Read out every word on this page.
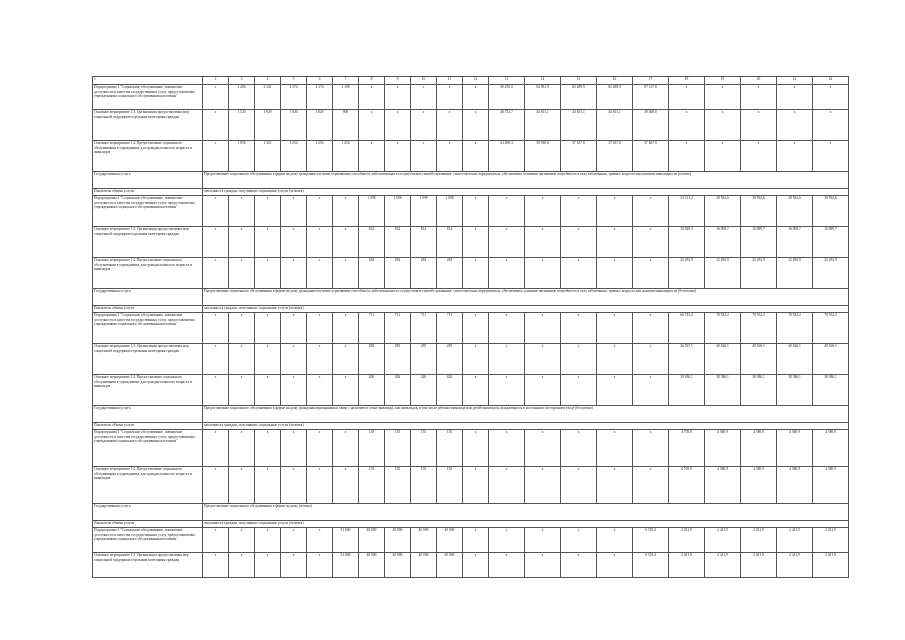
1	2	3	4	5	6	7	8	9	10	11	12	13	14	15	16	17	18	19	20	21	22
Подпрограмма 3 "Социальное обслуживание, повышение доступности и качества государственных услуг, предоставляемых учреждениями социального обслуживания населения"	х	2 204	2 341	2 374	2 374	2 108	х	х	х	х	х	90 250,0	84 581,9	82 289,9	82 289,9	87 127,8	х	х	х	х	х
Основное мероприятие 1.3. Организация предоставления мер социальной поддержки отдельным категориям граждан	х	1 520	1 020	1 020	1 020	900	х	х	х	х	х	46 753,7	44 651,1	44 651,1	44 651,1	49 460,0	х	х	х	х	х
Основное мероприятие 1.4. Предоставление социального обслуживания в учреждениях для граждан пожилого возраста и инвалидов	х	1 858	1 321	1 254	1 254	1 254	х	х	х	х	х	43 496,3	39 930,8	37 637,8	37 637,8	37 667,8	х	х	х	х	х
Государственная услуга	Предоставление социального обслуживания в форме на дому гражданам частично утратившим способность либо возможность осуществлять самообслуживание, самостоятельно передвигаться, обеспечивать основные жизненные потребности в силу заболевания, травмы, возраста или наличия инвалидности (платно)																				
Показатель объема услуги	численность граждан, получивших социальные услуги (человек)																				
Подпрограмма 3 "Социальное обслуживание, повышение доступности и качества государственных услуг, предоставляемых учреждениями социального обслуживания населения"	х	х	х	х	х	х	1 098	1 098	1 098	1 098	х	х	х	х	х	х	33 121,2	38 592,6	38 592,6	38 592,6	38 592,6
Основное мероприятие 1.3. Организация предоставления мер социальной поддержки отдельным категориям граждан	х	х	х	х	х	х	814	814	814	814	х	х	х	х	х	х	10 828,3	16 099,7	16 099,7	16 099,7	16 099,7
Основное мероприятие 1.4. Предоставление социального обслуживания в учреждениях для граждан пожилого возраста и инвалидов	х	х	х	х	х	х	284	284	284	284	х	х	х	х	х	х	22 292,9	22 292,9	22 292,9	22 292,9	22 292,9
Государственная услуга	Предоставление социального обслуживания в форме на дому гражданам частично утратившим способность либо возможность осуществлять самообслуживание, самостоятельно передвигаться, обеспечивать основные жизненные потребности в силу заболевания, травмы, возраста или наличия инвалидности (бесплатно)																				
Показатель объема услуги	численность граждан, получивших социальные услуги (человек)																				
Подпрограмма 3 "Социальное обслуживание, повышение доступности и качества государственных услуг, предоставляемых учреждениями социального обслуживания населения"	х	х	х	х	х	х	711	711	711	711	х	х	х	х	х	х	66 743,2	78 552,2	78 552,2	78 552,2	78 552,2
Основное мероприятие 1.3. Организация предоставления мер социальной поддержки отдельным категориям граждан	х	х	х	х	х	х	285	285	285	285	х	х	х	х	х	х	36 557,1	40 166,1	40 166,1	40 166,1	40 166,1
Основное мероприятие 1.4. Предоставление социального обслуживания в учреждениях для граждан пожилого возраста и инвалидов	х	х	х	х	х	х	426	426	426	426	х	х	х	х	х	х	30 186,1	38 386,1	38 386,1	38 386,1	38 386,1
Государственная услуга	Предоставление социального обслуживания в форме на дому гражданам признанным в связи с наличием в семье инвалида, или инвалидов, в том числе ребенка-инвалида или детей-инвалидов, нуждающихся в постоянном постороннем уходе (бесплатно)																				
Показатель объема услуги	численность граждан, получивших социальные услуги (человек)																				
Подпрограмма 3 "Социальное обслуживание, повышение доступности и качества государственных услуг, предоставляемых учреждениями социального обслуживания населения"	х	х	х	х	х	х	155	155	155	155	х	х	х	х	х	х	4 705,0	4 380,9	4 380,9	4 380,9	4 380,9
Основное мероприятие 1.4. Предоставление социального обслуживания в учреждениях для граждан пожилого возраста и инвалидов	х	х	х	х	х	х	155	155	155	155	х	х	х	х	х	х	4 705,0	4 380,9	4 380,9	4 380,9	4 380,9
Государственная услуга	Предоставление социального обслуживания в форме на дому (платно)																				
Показатель объема услуги	численность граждан, получивших социальные услуги (человек)																				
Подпрограмма 3 "Социальное обслуживание, повышение доступности и качества государственных услуг, предоставляемых учреждениями социального обслуживания населения"	х	х	х	х	х	51 600	40 000	40 000	40 000	40 000	х	х	х	х	х	6 319,4	2 411,9	2 411,9	2 411,9	2 411,9	2 411,9
Основное мероприятие 1.3. Организация предоставления мер социальной поддержки отдельным категориям граждан	х	х	х	х	х	51 600	40 000	40 000	40 000	40 000	х	х	х	х	х	6 319,4	2 411,9	2 411,9	2 411,9	2 411,9	2 411,9
